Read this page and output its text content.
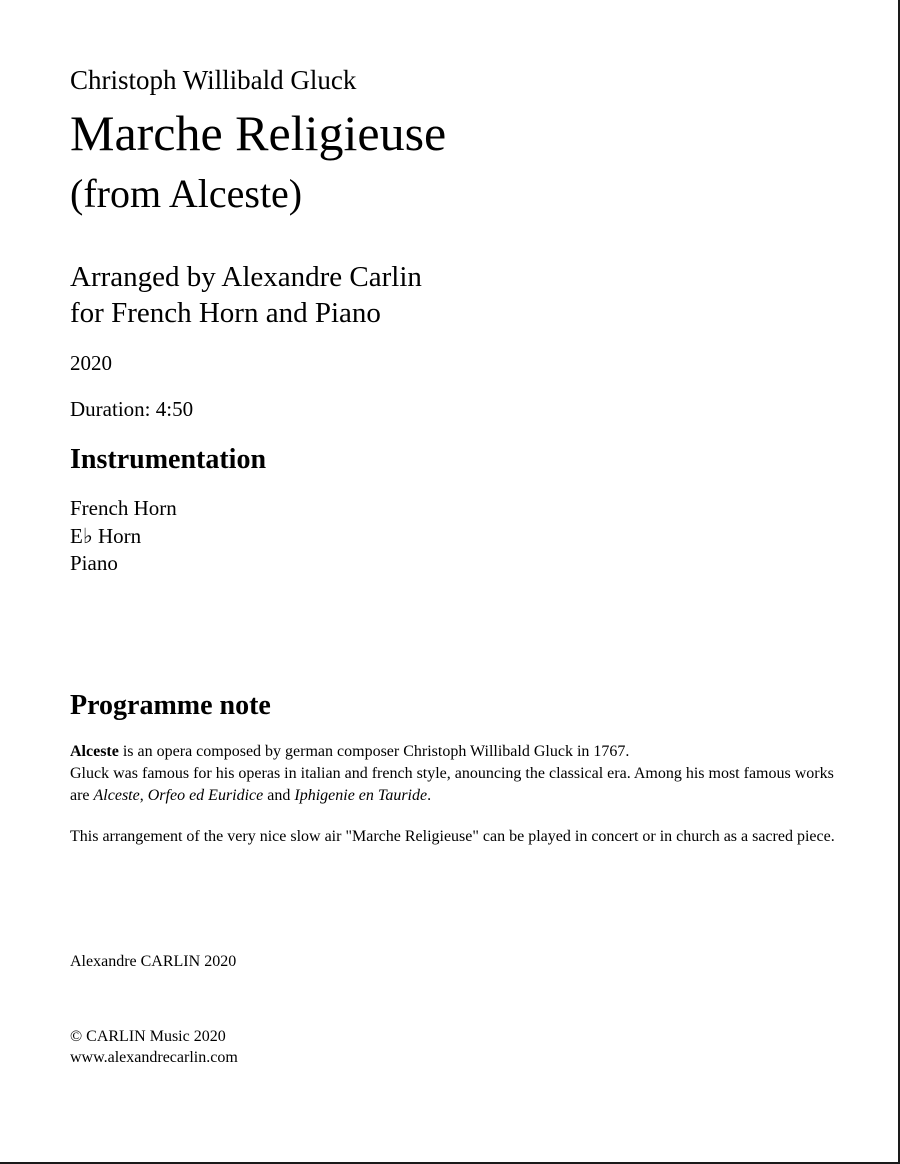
Christoph Willibald Gluck

Marche Religieuse

(from Alceste)

Arranged by Alexandre Carlin

for French Horn and Piano

2020

Duration: 4:50

Instrumentation
French Horn
E♭ Horn
Piano
Programme note

Alceste is an opera composed by german composer Christoph Willibald Gluck in 1767.
Gluck was famous for his operas in italian and french style, anouncing the classical era. Among his most famous works are Alceste, Orfeo ed Euridice and Iphigenie en Tauride.

This arrangement of the very nice slow air "Marche Religieuse" can be played in concert or in church as a sacred piece.

Alexandre CARLIN 2020

© CARLIN Music 2020

www.alexandrecarlin.com
